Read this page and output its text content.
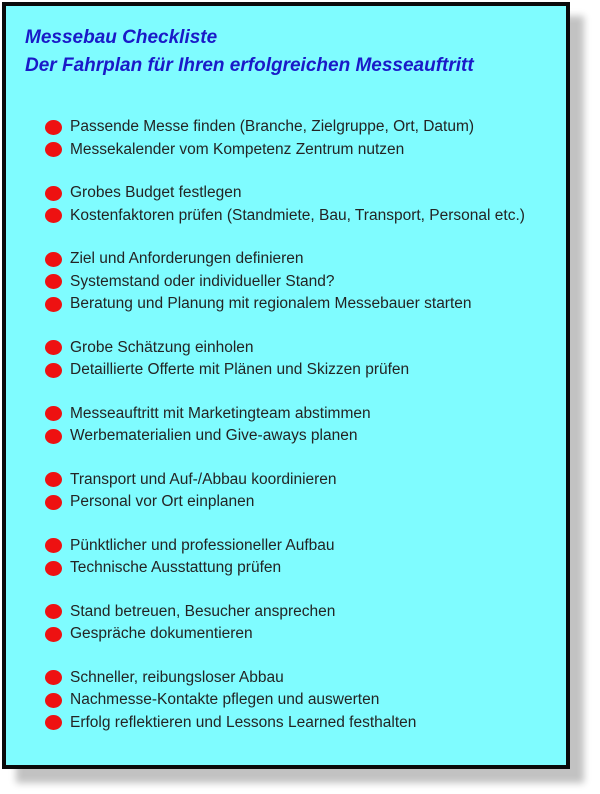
Messebau Checkliste
Der Fahrplan für Ihren erfolgreichen Messeauftritt
Passende Messe finden (Branche, Zielgruppe, Ort, Datum)
Messekalender vom Kompetenz Zentrum nutzen
Grobes Budget festlegen
Kostenfaktoren prüfen (Standmiete, Bau, Transport, Personal etc.)
Ziel und Anforderungen definieren
Systemstand oder individueller Stand?
Beratung und Planung mit regionalem Messebauer starten
Grobe Schätzung einholen
Detaillierte Offerte mit Plänen und Skizzen prüfen
Messeauftritt mit Marketingteam abstimmen
Werbematerialien und Give-aways planen
Transport und Auf-/Abbau koordinieren
Personal vor Ort einplanen
Pünktlicher und professioneller Aufbau
Technische Ausstattung prüfen
Stand betreuen, Besucher ansprechen
Gespräche dokumentieren
Schneller, reibungsloser Abbau
Nachmesse-Kontakte pflegen und auswerten
Erfolg reflektieren und Lessons Learned festhalten
